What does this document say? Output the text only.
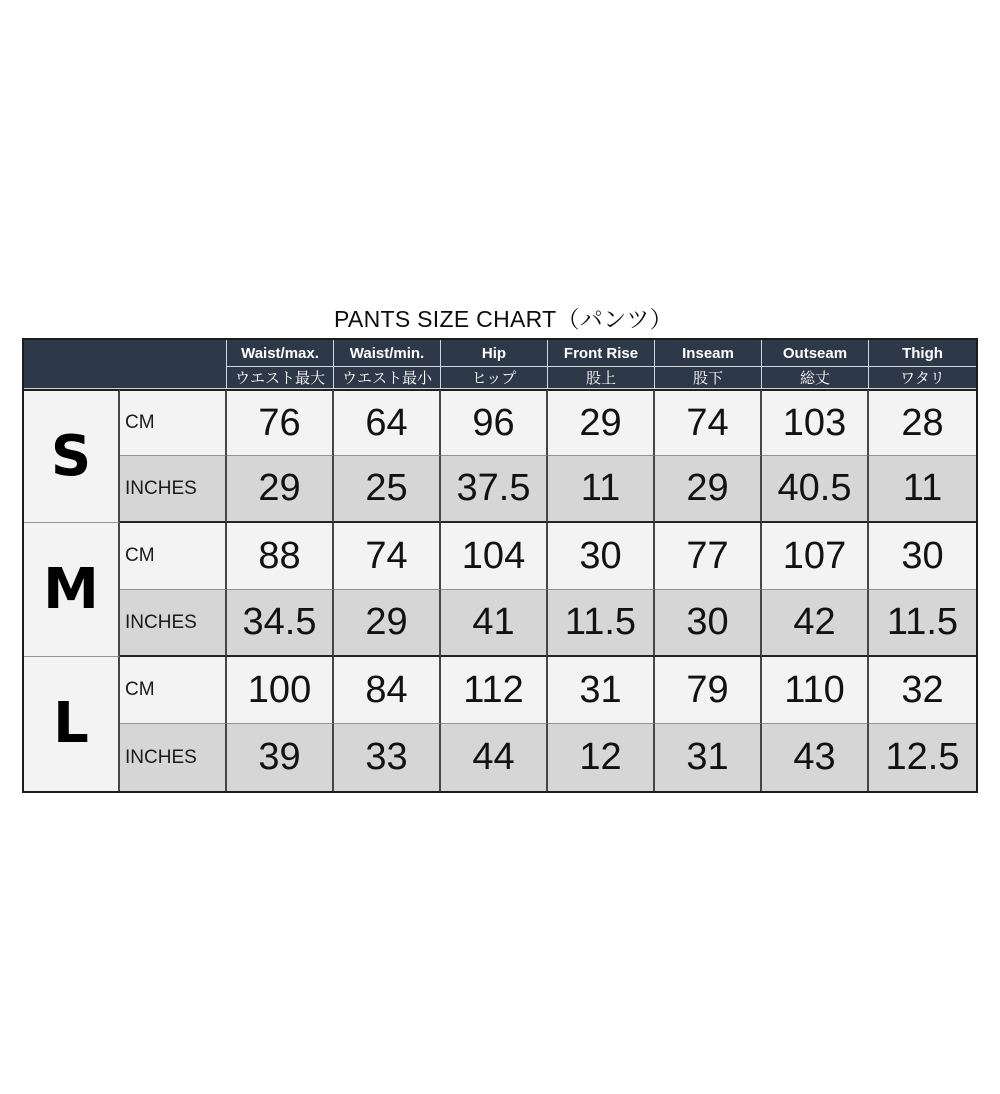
PANTS SIZE CHART（パンツ）
		Waist/max.	Waist/min.	Hip	Front Rise	Inseam	Outseam	Thigh
		ウエスト最大	ウエスト最小	ヒップ	股上	股下	総丈	ワタリ
S	CM	76	64	96	29	74	103	28
	INCHES	29	25	37.5	11	29	40.5	11
M	CM	88	74	104	30	77	107	30
	INCHES	34.5	29	41	11.5	30	42	11.5
L	CM	100	84	112	31	79	110	32
	INCHES	39	33	44	12	31	43	12.5
